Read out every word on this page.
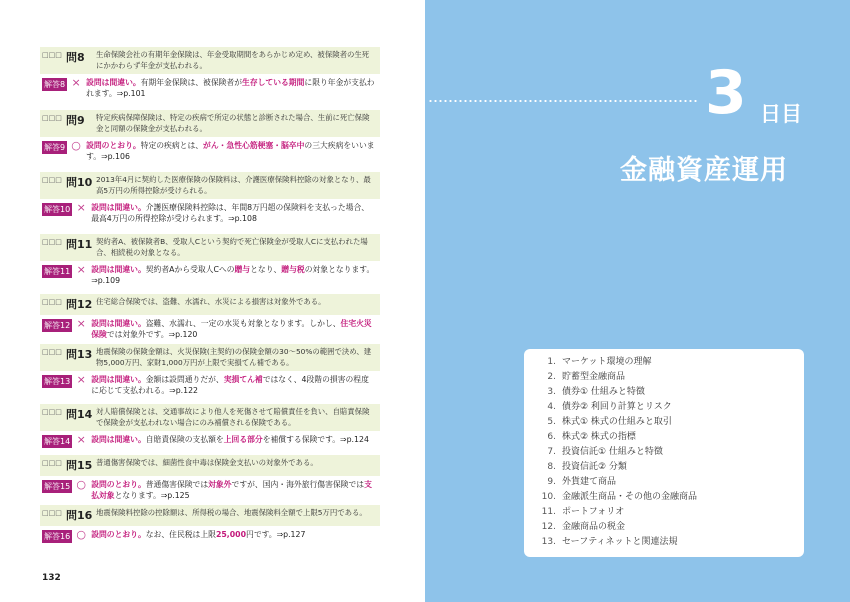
□□□ 問8	生命保険会社の有期年金保険は、年金受取期間をあらかじめ定め、被保険者の生死にかかわらず年金が支払われる。
解答8 × 設問は間違い。有期年金保険は、被保険者が生存している期間に限り年金が支払われます。⇒p.101
□□□ 問9	特定疾病保障保険は、特定の疾病で所定の状態と診断された場合、生前に死亡保険金と同額の保険金が支払われる。
解答9 ○ 設問のとおり。特定の疾病とは、がん・急性心筋梗塞・脳卒中の三大疾病をいいます。⇒p.106
□□□ 問10 2013年4月に契約した医療保険の保険料は、介護医療保険料控除の対象となり、最高5万円の所得控除が受けられる。
解答10 × 設問は間違い。介護医療保険料控除は、年間8万円超の保険料を支払った場合、最高4万円の所得控除が受けられます。⇒p.108
□□□ 問11 契約者A、被保険者B、受取人Cという契約で死亡保険金が受取人Cに支払われた場合、相続税の対象となる。
解答11 × 設問は間違い。契約者Aから受取人Cへの贈与となり、贈与税の対象となります。⇒p.109
□□□ 問12 住宅総合保険では、盗難、水濡れ、水災による損害は対象外である。
解答12 × 設問は間違い。盗難、水濡れ、一定の水災も対象となります。しかし、住宅火災保険では対象外です。⇒p.120
□□□ 問13 地震保険の保険金額は、火災保険(主契約)の保険金額の30～50%の範囲で決め、建物5,000万円、家財1,000万円が上限で実損てん補である。
解答13 × 設問は間違い。金額は設問通りだが、実損てん補ではなく、4段階の損害の程度に応じて支払われる。⇒p.122
□□□ 問14 対人賠償保険とは、交通事故により他人を死傷させて賠償責任を負い、自賠責保険で保険金が支払われない場合にのみ補償される保険である。
解答14 × 設問は間違い。自賠責保険の支払額を上回る部分を補償する保険です。⇒p.124
□□□ 問15 普通傷害保険では、細菌性食中毒は保険金支払いの対象外である。
解答15 ○ 設問のとおり。普通傷害保険では対象外ですが、国内・海外旅行傷害保険では支払対象となります。⇒p.125
□□□ 問16 地震保険料控除の控除額は、所得税の場合、地震保険料全額で上限5万円である。
解答16 ○ 設問のとおり。なお、住民税は上限25,000円です。⇒p.127
132
3 日目
金融資産運用
1. マーケット環境の理解
2. 貯蓄型金融商品
3. 債券① 仕組みと特徴
4. 債券② 利回り計算とリスク
5. 株式① 株式の仕組みと取引
6. 株式② 株式の指標
7. 投資信託① 仕組みと特徴
8. 投資信託② 分類
9. 外貨建て商品
10. 金融派生商品・その他の金融商品
11. ポートフォリオ
12. 金融商品の税金
13. セーフティネットと関連法規
